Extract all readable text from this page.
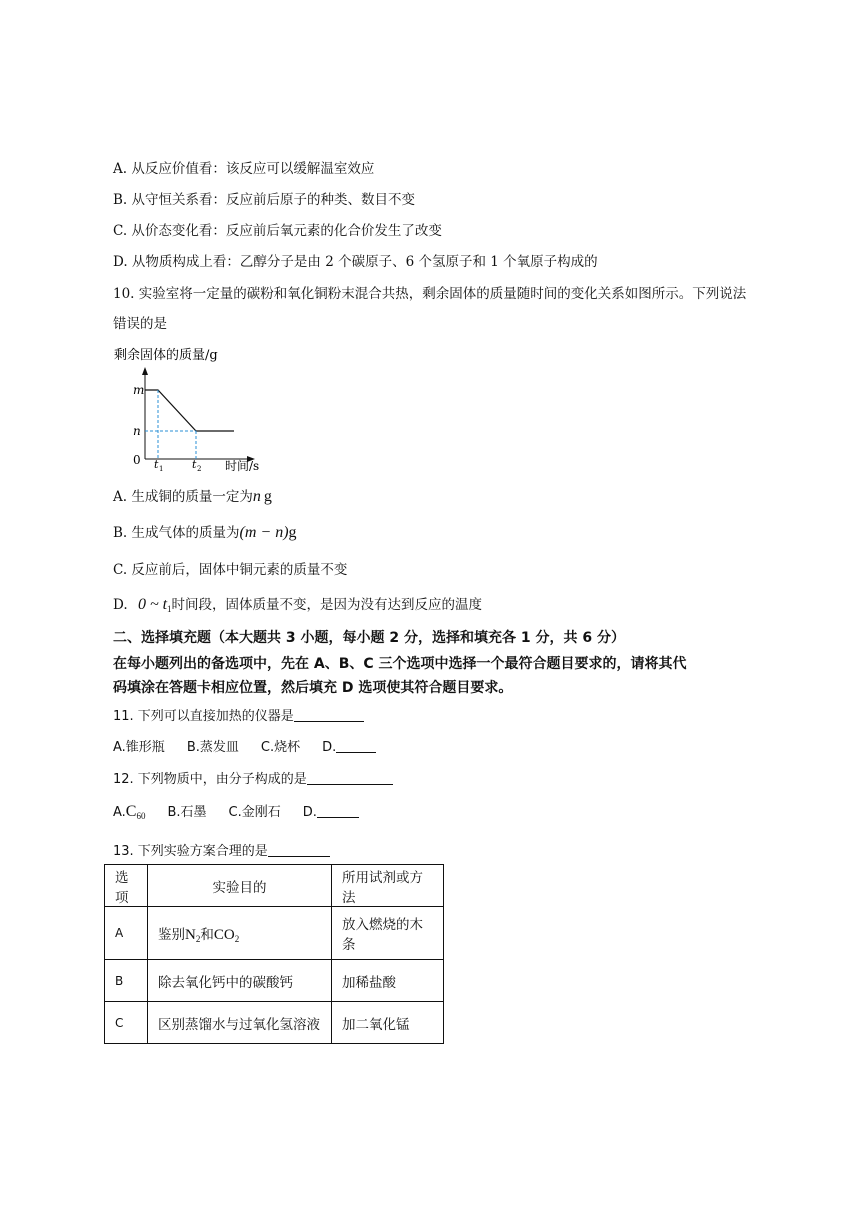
A. 从反应价值看：该反应可以缓解温室效应
B. 从守恒关系看：反应前后原子的种类、数目不变
C. 从价态变化看：反应前后氧元素的化合价发生了改变
D. 从物质构成上看：乙醇分子是由 2 个碳原子、6 个氢原子和 1 个氧原子构成的
10. 实验室将一定量的碳粉和氧化铜粉末混合共热，剩余固体的质量随时间的变化关系如图所示。下列说法
错误的是
剩余固体的质量/g
m
n
0 t 1	t 2 时间/s
A. 生成铜的质量一定为n g
B. 生成气体的质量为(m − n)g
C. 反应前后，固体中铜元素的质量不变
D. 0 ~ $t_1$时间段，固体质量不变，是因为没有达到反应的温度
二、选择填充题（本大题共 3 小题，每小题 2 分，选择和填充各 1 分，共 6 分）
在每小题列出的备选项中，先在 A、B、C 三个选项中选择一个最符合题目要求的，请将其代
码填涂在答题卡相应位置，然后填充 D 选项使其符合题目要求。
11. 下列可以直接加热的仪器是
A.锥形瓶 B.蒸发皿 C.烧杯 D.
12. 下列物质中，由分子构成的是
$A.C_{60}$ B.石墨 C.金刚石 D.
13. 下列实验方案合理的是
选项	实验目的	所用试剂或方法
A	鉴别$N_2$和$CO_2$	放入燃烧的木条
B	除去氧化钙中的碳酸钙	加稀盐酸
C	区别蒸馏水与过氧化氢溶液	加二氧化锰
